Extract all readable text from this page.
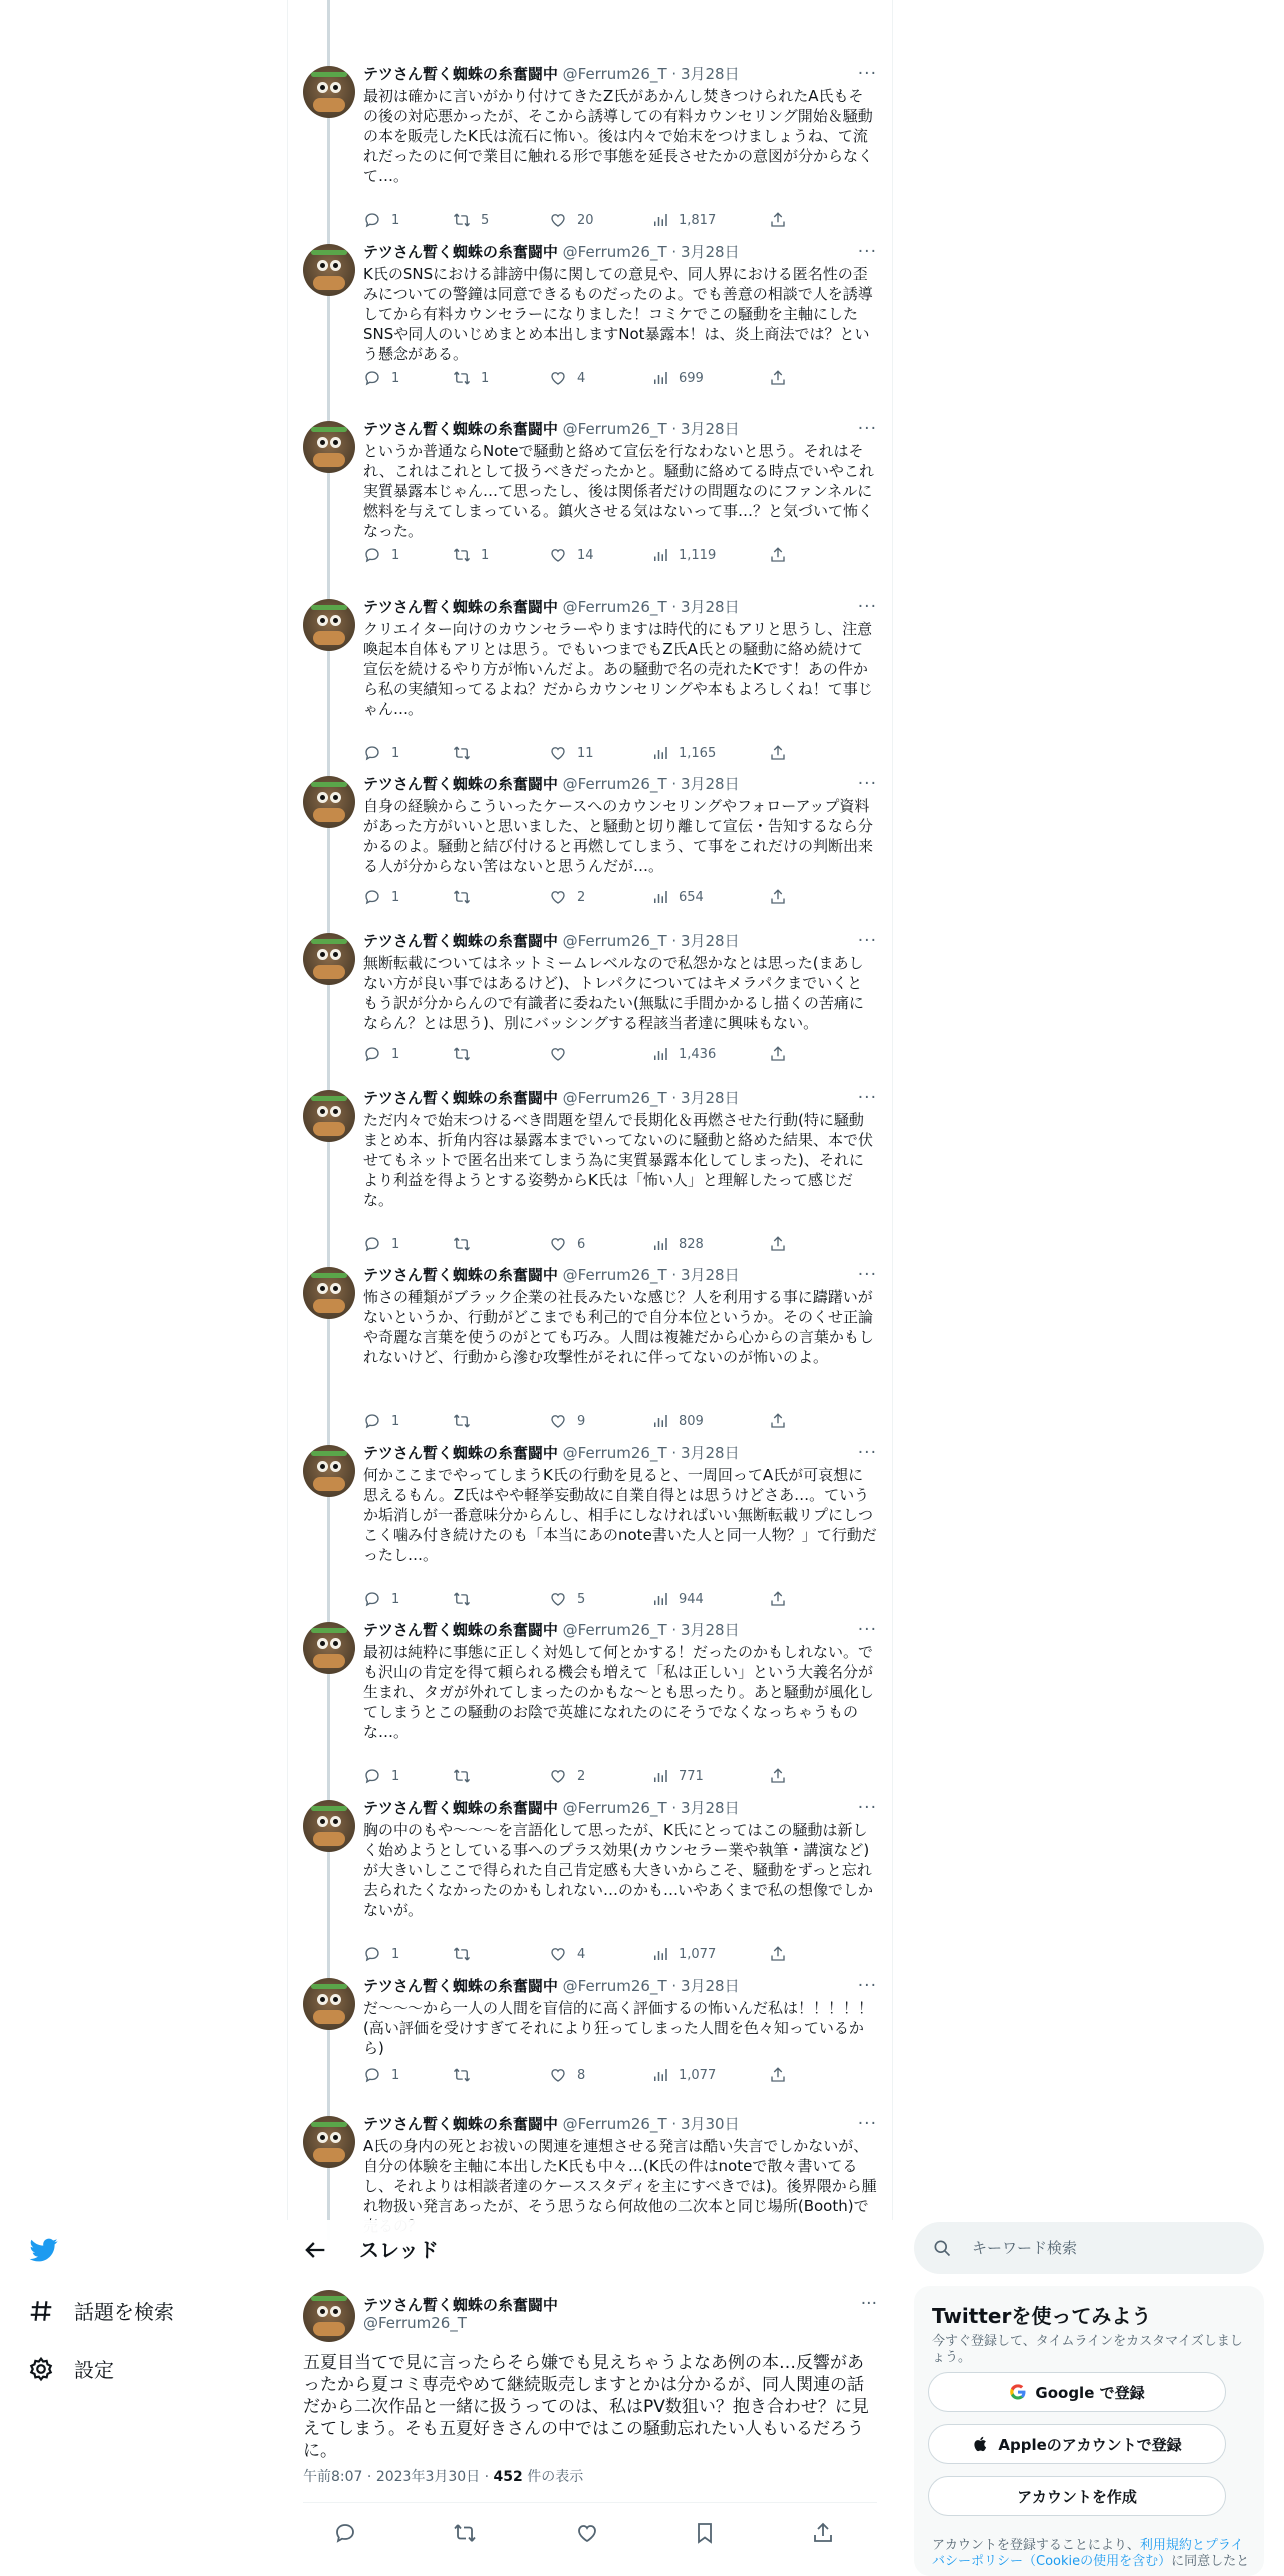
テツさん暫く蜘蛛の糸奮闘中 @Ferrum26_T · 3月28日	···
最初は確かに言いがかり付けてきたZ氏があかんし焚きつけられたA氏もその後の対応悪かったが、そこから誘導しての有料カウンセリング開始＆騒動の本を販売したK氏は流石に怖い。後は内々で始末をつけましょうね、て流れだったのに何で業目に触れる形で事態を延長させたかの意図が分からなくて…。
1	5	20	1,817
テツさん暫く蜘蛛の糸奮闘中 @Ferrum26_T · 3月28日	···
K氏のSNSにおける誹謗中傷に関しての意見や、同人界における匿名性の歪みについての警鐘は同意できるものだったのよ。でも善意の相談で人を誘導してから有料カウンセラーになりました！コミケでこの騒動を主軸にしたSNSや同人のいじめまとめ本出しますNot暴露本！は、炎上商法では？という懸念がある。
1	1	4	699
テツさん暫く蜘蛛の糸奮闘中 @Ferrum26_T · 3月28日	···
というか普通ならNoteで騒動と絡めて宣伝を行なわないと思う。それはそれ、これはこれとして扱うべきだったかと。騒動に絡めてる時点でいやこれ実質暴露本じゃん…て思ったし、後は関係者だけの問題なのにファンネルに燃料を与えてしまっている。鎮火させる気はないって事…？と気づいて怖くなった。
1	1	14	1,119
テツさん暫く蜘蛛の糸奮闘中 @Ferrum26_T · 3月28日	···
クリエイター向けのカウンセラーやりますは時代的にもアリと思うし、注意喚起本自体もアリとは思う。でもいつまでもZ氏A氏との騒動に絡め続けて宣伝を続けるやり方が怖いんだよ。あの騒動で名の売れたKです！あの件から私の実績知ってるよね？だからカウンセリングや本もよろしくね！て事じゃん…。
1	11	1,165
テツさん暫く蜘蛛の糸奮闘中 @Ferrum26_T · 3月28日	···
自身の経験からこういったケースへのカウンセリングやフォローアップ資料があった方がいいと思いました、と騒動と切り離して宣伝・告知するなら分かるのよ。騒動と結び付けると再燃してしまう、て事をこれだけの判断出来る人が分からない筈はないと思うんだが…。
1	2	654
テツさん暫く蜘蛛の糸奮闘中 @Ferrum26_T · 3月28日	···
無断転載についてはネットミームレベルなので私怨かなとは思った(まあしない方が良い事ではあるけど)、トレパクについてはキメラパクまでいくともう訳が分からんので有識者に委ねたい(無駄に手間かかるし描くの苦痛にならん？とは思う)、別にバッシングする程該当者達に興味もない。
1	1,436
テツさん暫く蜘蛛の糸奮闘中 @Ferrum26_T · 3月28日	···
ただ内々で始末つけるべき問題を望んで長期化＆再燃させた行動(特に騒動まとめ本、折角内容は暴露本までいってないのに騒動と絡めた結果、本で伏せてもネットで匿名出来てしまう為に実質暴露本化してしまった)、それにより利益を得ようとする姿勢からK氏は「怖い人」と理解したって感じだな。
1	6	828
テツさん暫く蜘蛛の糸奮闘中 @Ferrum26_T · 3月28日	···
怖さの種類がブラック企業の社長みたいな感じ？人を利用する事に躊躇いがないというか、行動がどこまでも利己的で自分本位というか。そのくせ正論や奇麗な言葉を使うのがとても巧み。人間は複雑だから心からの言葉かもしれないけど、行動から滲む攻撃性がそれに伴ってないのが怖いのよ。
1	9	809
テツさん暫く蜘蛛の糸奮闘中 @Ferrum26_T · 3月28日	···
何かここまでやってしまうK氏の行動を見ると、一周回ってA氏が可哀想に思えるもん。Z氏はやや軽挙妄動故に自業自得とは思うけどさあ…。ていうか垢消しが一番意味分からんし、相手にしなければいい無断転載リプにしつこく噛み付き続けたのも「本当にあのnote書いた人と同一人物？」て行動だったし…。
1	5	944
テツさん暫く蜘蛛の糸奮闘中 @Ferrum26_T · 3月28日	···
最初は純粋に事態に正しく対処して何とかする！だったのかもしれない。でも沢山の肯定を得て頼られる機会も増えて「私は正しい」という大義名分が生まれ、タガが外れてしまったのかもな～とも思ったり。あと騒動が風化してしまうとこの騒動のお陰で英雄になれたのにそうでなくなっちゃうものな…。
1	2	771
テツさん暫く蜘蛛の糸奮闘中 @Ferrum26_T · 3月28日	···
胸の中のもや～～～を言語化して思ったが、K氏にとってはこの騒動は新しく始めようとしている事へのプラス効果(カウンセラー業や執筆・講演など)が大きいしここで得られた自己肯定感も大きいからこそ、騒動をずっと忘れ去られたくなかったのかもしれない…のかも…いやあくまで私の想像でしかないが。
1	4	1,077
テツさん暫く蜘蛛の糸奮闘中 @Ferrum26_T · 3月28日	···
だ～～～から一人の人間を盲信的に高く評価するの怖いんだ私は！！！！！(高い評価を受けすぎてそれにより狂ってしまった人間を色々知っているから)
1	8	1,077
テツさん暫く蜘蛛の糸奮闘中 @Ferrum26_T · 3月30日	···
A氏の身内の死とお祓いの関連を連想させる発言は酷い失言でしかないが、自分の体験を主軸に本出したK氏も中々…(K氏の件はnoteで散々書いてるし、それよりは相談者達のケーススタディを主にすべきでは)。後界隈から腫れ物扱い発言あったが、そう思うなら何故他の二次本と同じ場所(Booth)で
話題を検索
設定
スレッド
テツさん暫く蜘蛛の糸奮闘中
@Ferrum26_T
···
五夏目当てで見に言ったらそら嫌でも見えちゃうよなあ例の本…反響があったから夏コミ専売やめて継続販売しますとかは分かるが、同人関連の話だから二次作品と一緒に扱うってのは、私はPV数狙い？抱き合わせ？に見えてしまう。そも五夏好きさんの中ではこの騒動忘れたい人もいるだろうに。
午前8:07 · 2023年3月30日 · 452 件の表示
キーワード検索
Twitterを使ってみよう
今すぐ登録して、タイムラインをカスタマイズしましょう。
Google で登録
Appleのアカウントで登録
アカウントを作成
アカウントを登録することにより、利用規約とプライバシーポリシー（Cookieの使用を含む）に同意したと
